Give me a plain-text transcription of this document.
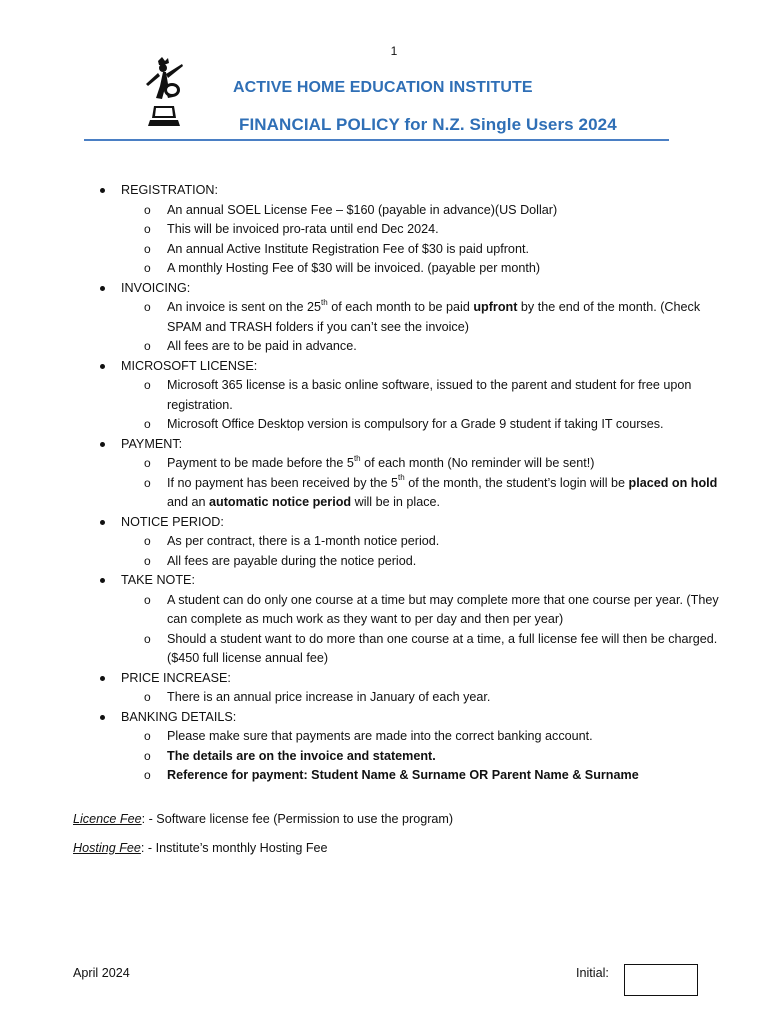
1
ACTIVE HOME EDUCATION INSTITUTE
FINANCIAL POLICY for N.Z. Single Users 2024
REGISTRATION:
o An annual SOEL License Fee – $160 (payable in advance)(US Dollar)
o This will be invoiced pro-rata until end Dec 2024.
o An annual Active Institute Registration Fee of $30 is paid upfront.
o A monthly Hosting Fee of $30 will be invoiced. (payable per month)
INVOICING:
o An invoice is sent on the 25th of each month to be paid upfront by the end of the month. (Check SPAM and TRASH folders if you can’t see the invoice)
o All fees are to be paid in advance.
MICROSOFT LICENSE:
o Microsoft 365 license is a basic online software, issued to the parent and student for free upon registration.
o Microsoft Office Desktop version is compulsory for a Grade 9 student if taking IT courses.
PAYMENT:
o Payment to be made before the 5th of each month (No reminder will be sent!)
o If no payment has been received by the 5th of the month, the student’s login will be placed on hold and an automatic notice period will be in place.
NOTICE PERIOD:
o As per contract, there is a 1-month notice period.
o All fees are payable during the notice period.
TAKE NOTE:
o A student can do only one course at a time but may complete more that one course per year. (They can complete as much work as they want to per day and then per year)
o Should a student want to do more than one course at a time, a full license fee will then be charged. ($450 full license annual fee)
PRICE INCREASE:
o There is an annual price increase in January of each year.
BANKING DETAILS:
o Please make sure that payments are made into the correct banking account.
o The details are on the invoice and statement.
o Reference for payment: Student Name & Surname OR Parent Name & Surname

Licence Fee: - Software license fee (Permission to use the program)

Hosting Fee: - Institute’s monthly Hosting Fee

April 2024	Initial:
